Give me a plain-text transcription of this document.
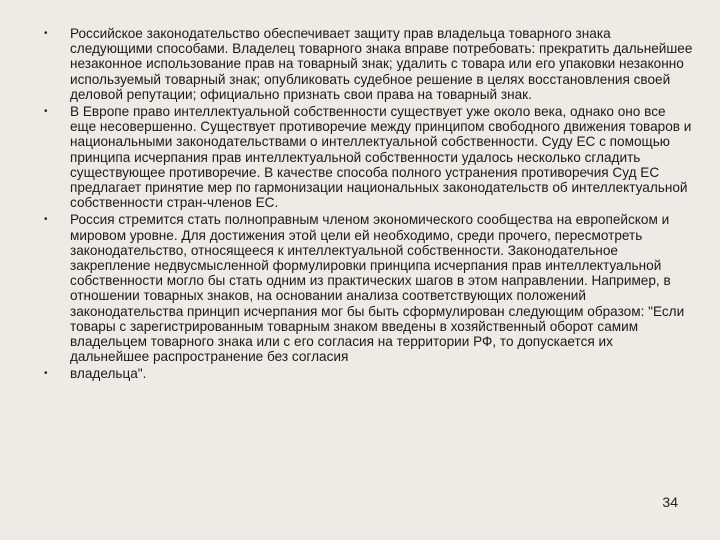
• Российское законодательство обеспечивает защиту прав владельца товарного знака следующими способами. Владелец товарного знака вправе потребовать: прекратить дальнейшее незаконное использование прав на товарный знак; удалить с товара или его упаковки незаконно используемый товарный знак; опубликовать судебное решение в целях восстановления своей деловой репутации; официально признать свои права на товарный знак.
• В Европе право интеллектуальной собственности существует уже около века, однако оно все еще несовершенно. Существует противоречие между принципом свободного движения товаров и национальными законодательствами о интеллектуальной собственности. Суду ЕС с помощью принципа исчерпания прав интеллектуальной собственности удалось несколько сгладить существующее противоречие. В качестве способа полного устранения противоречия Суд ЕС предлагает принятие мер по гармонизации национальных законодательств об интеллектуальной собственности стран-членов ЕС.
• Россия стремится стать полноправным членом экономического сообщества на европейском и мировом уровне. Для достижения этой цели ей необходимо, среди прочего, пересмотреть законодательство, относящееся к интеллектуальной собственности. Законодательное закрепление недвусмысленной формулировки принципа исчерпания прав интеллектуальной собственности могло бы стать одним из практических шагов в этом направлении. Например, в отношении товарных знаков, на основании анализа соответствующих положений законодательства принцип исчерпания мог бы быть сформулирован следующим образом: "Если товары с зарегистрированным товарным знаком введены в хозяйственный оборот самим владельцем товарного знака или с его согласия на территории РФ, то допускается их дальнейшее распространение без согласия
• владельца".
34
